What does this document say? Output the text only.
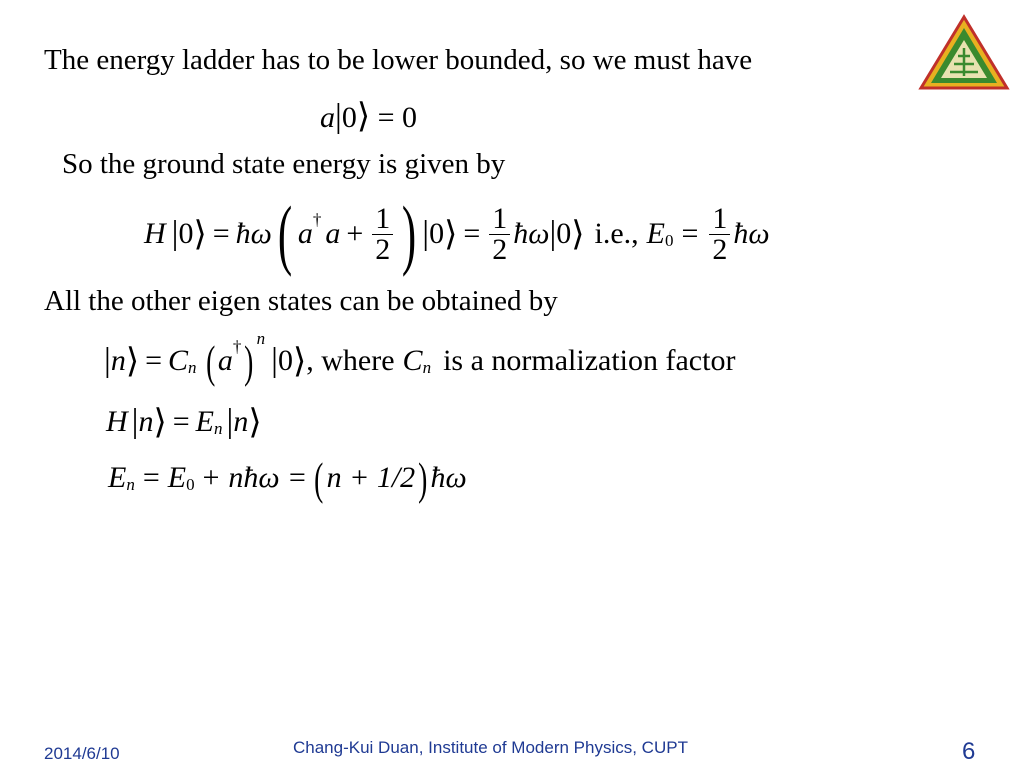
The energy ladder has to be lower bounded, so we must have
a|0⟩ = 0
So the ground state energy is given by
H | 0 ⟩ = ħω ( a † $a + \frac{1}{2}$ ) | 0 ⟩ = $\frac{1}{2}$ ħω | 0 ⟩ i.e., E $0 = \frac{1}{2}$ ħω
All the other eigen states can be obtained by
| n ⟩ = C n ( a † ) n
| 0 ⟩ , where C n is a normalization factor
H | n ⟩ = E n | n ⟩
E n = E 0 + nħω = ( n + 1/2 ) ħω
2014/6/10	Chang-Kui Duan, Institute of Modern Physics, CUPT	6
